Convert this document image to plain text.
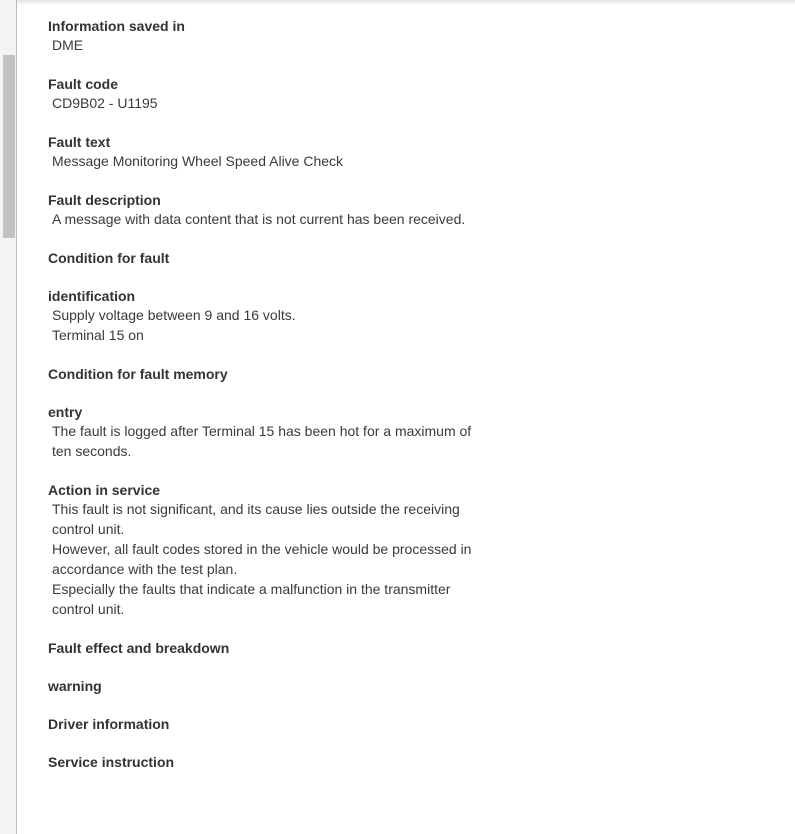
Information saved in
DME
Fault code
CD9B02 - U1195
Fault text
Message Monitoring Wheel Speed Alive Check
Fault description
A message with data content that is not current has been received.
Condition for fault
identification
Supply voltage between 9 and 16 volts.
Terminal 15 on
Condition for fault memory
entry
The fault is logged after Terminal 15 has been hot for a maximum of
ten seconds.
Action in service
This fault is not significant, and its cause lies outside the receiving
control unit.
However, all fault codes stored in the vehicle would be processed in
accordance with the test plan.
Especially the faults that indicate a malfunction in the transmitter
control unit.
Fault effect and breakdown
warning
Driver information
Service instruction
